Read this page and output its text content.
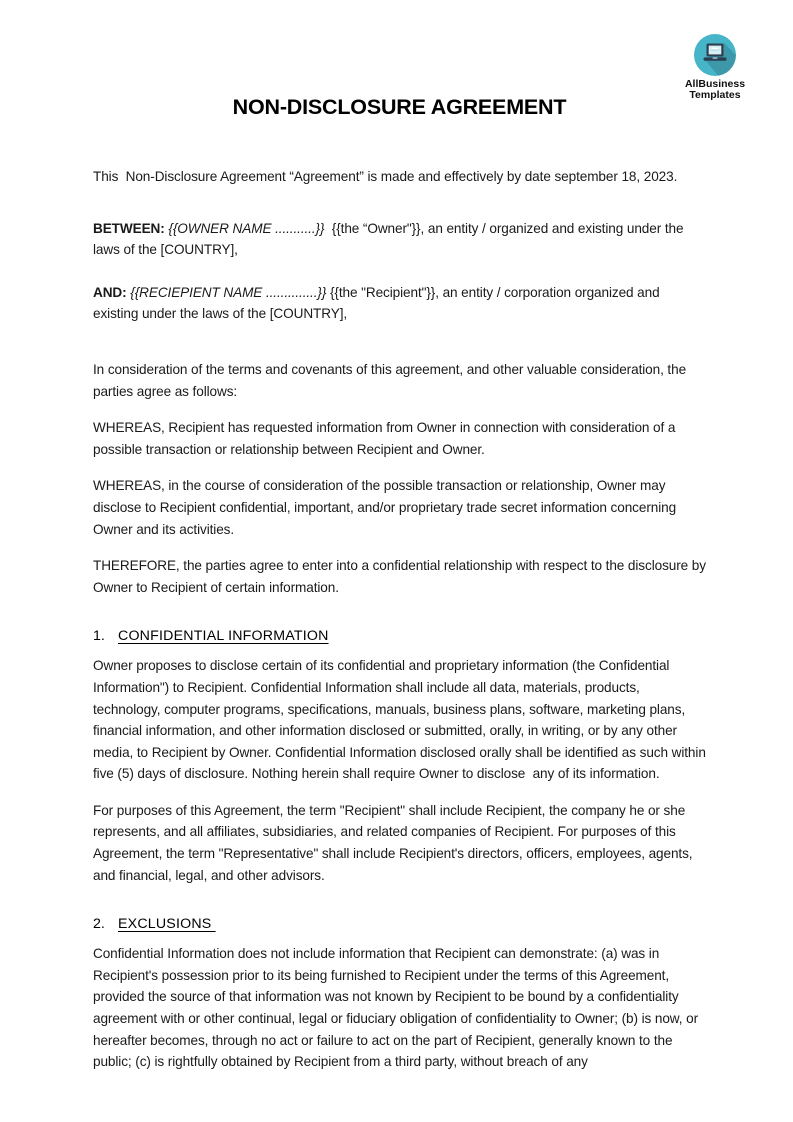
AllBusiness
Templates
NON-DISCLOSURE AGREEMENT

This  Non-Disclosure Agreement “Agreement” is made and effectively by date september 18, 2023.

BETWEEN: {{OWNER NAME ...........}}  {{the “Owner"}}, an entity / organized and existing under the laws of the [COUNTRY],

AND: {{RECIEPIENT NAME ..............}} {{the "Recipient"}}, an entity / corporation organized and existing under the laws of the [COUNTRY],

In consideration of the terms and covenants of this agreement, and other valuable consideration, the parties agree as follows:

WHEREAS, Recipient has requested information from Owner in connection with consideration of a possible transaction or relationship between Recipient and Owner.

WHEREAS, in the course of consideration of the possible transaction or relationship, Owner may disclose to Recipient confidential, important, and/or proprietary trade secret information concerning Owner and its activities.

THEREFORE, the parties agree to enter into a confidential relationship with respect to the disclosure by Owner to Recipient of certain information.

1. CONFIDENTIAL INFORMATION

Owner proposes to disclose certain of its confidential and proprietary information (the Confidential Information") to Recipient. Confidential Information shall include all data, materials, products, technology, computer programs, specifications, manuals, business plans, software, marketing plans, financial information, and other information disclosed or submitted, orally, in writing, or by any other media, to Recipient by Owner. Confidential Information disclosed orally shall be identified as such within five (5) days of disclosure. Nothing herein shall require Owner to disclose  any of its information.

For purposes of this Agreement, the term "Recipient" shall include Recipient, the company he or she represents, and all affiliates, subsidiaries, and related companies of Recipient. For purposes of this Agreement, the term "Representative" shall include Recipient's directors, officers, employees, agents, and financial, legal, and other advisors.

2. EXCLUSIONS

Confidential Information does not include information that Recipient can demonstrate: (a) was in Recipient's possession prior to its being furnished to Recipient under the terms of this Agreement, provided the source of that information was not known by Recipient to be bound by a confidentiality agreement with or other continual, legal or fiduciary obligation of confidentiality to Owner; (b) is now, or hereafter becomes, through no act or failure to act on the part of Recipient, generally known to the public; (c) is rightfully obtained by Recipient from a third party, without breach of any
